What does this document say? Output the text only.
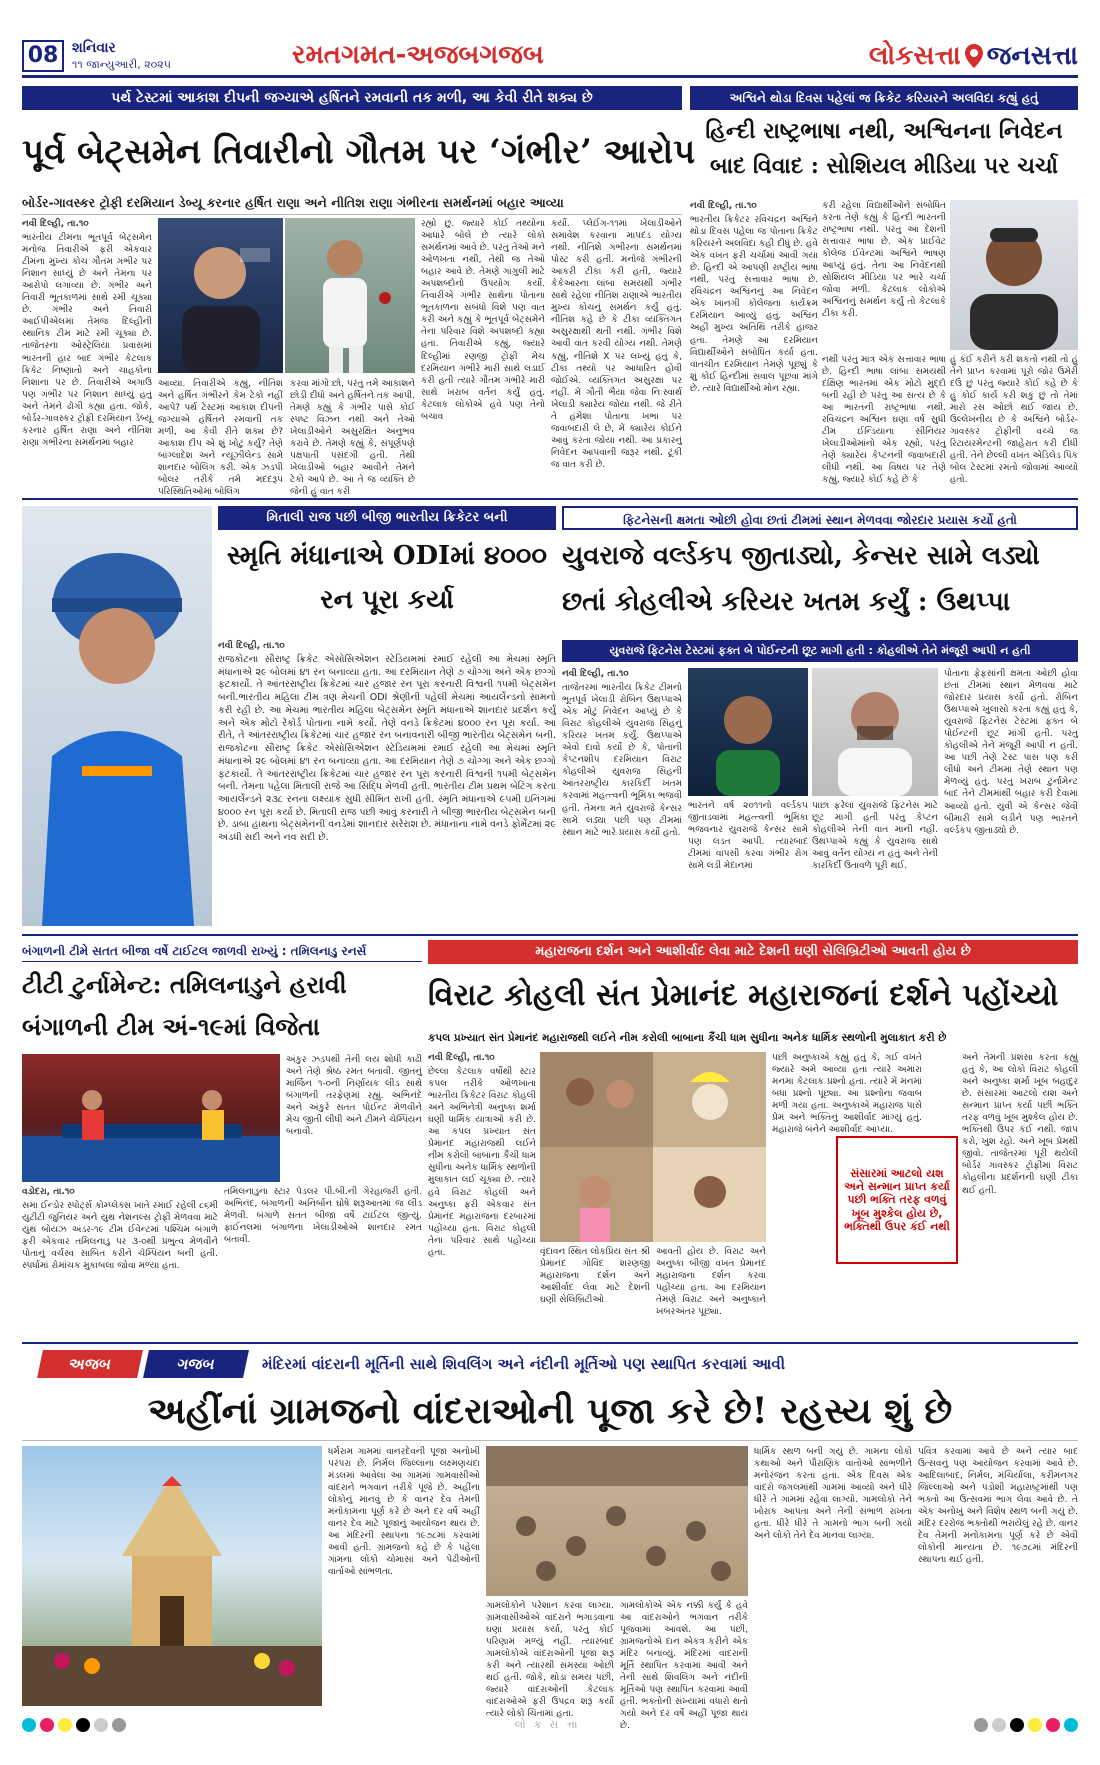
08 શનિવાર
૧૧ જાન્યુઆરી, ૨૦૨૫	રમતગમત-અજબગજબ	લોકસત્તા જનસત્તા
પર્થ ટેસ્ટમાં આકાશ દીપની જગ્યાએ હર્ષિતને રમવાની તક મળી, આ કેવી રીતે શક્ય છે
પૂર્વ બેટ્સમેન તિવારીનો ગૌતમ પર ‘ગંભીર’ આરોપ
બોર્ડર-ગાવસ્કર ટ્રોફી દરમિયાન ડેબ્યૂ કરનાર હર્ષિત રાણા અને નીતિશ રાણા ગંભીરના સમર્થનમાં બહાર આવ્યા
નવી દિલ્હી, તા.૧૦
ભારતીય ટીમના ભૂતપૂર્વ બેટ્સમેન મનોજ તિવારીએ ફરી એકવાર ટીમના મુખ્ય કોચ ગૌતમ ગંભીર પર નિશાન સાધ્યું છે અને તેમના પર આરોપો લગાવ્યા છે. ગંભીર અને તિવારી ભૂતકાળમાં સાથે રમી ચૂક્યા છે. ગંભીર અને તિવારી આઈપીએલમાં તેમજ દિલ્હીની સ્થાનિક ટીમ માટે રમી ચૂક્યા છે. તાજેતરના ઓસ્ટ્રેલિયા પ્રવાસમાં ભારતની હાર બાદ ગંભીર કેટલાક ક્રિકેટ નિષ્ણાતો અને ચાહકોના નિશાના પર છે. તિવારીએ અગાઉ પણ ગંભીર પર નિશાન સાધ્યું હતું અને તેમને ઢોંગી કહ્યા હતા. જોકે, બોર્ડર-ગાવસ્કર ટ્રોફી દરમિયાન ડેબ્યૂ કરનાર હર્ષિત રાણા અને નીતિશ રાણા ગંભીરના સમર્થનમાં બહાર
આવ્યા. તિવારીએ કહ્યું, નીતિશ અને હર્ષિત ગંભીરને કેમ ટેકો નહીં આપે? પર્થ ટેસ્ટમાં આકાશ દીપની જગ્યાએ હર્ષિતને રમવાની તક મળી, આ કેવી રીતે શક્ય છે? આકાશ દીપ એ શું ખોટું કર્યું? તેણે બાંગ્લાદેશ અને ન્યૂઝીલેન્ડ સામે શાનદાર બોલિંગ કરી. એક ઝડપી બોલર તરીકે તમે મદદરૂપ પરિસ્થિતિઓમાં બોલિંગ
કરવા માંગો છો, પરંતુ તમે આકાશને છોડી દીધો અને હર્ષિતને તક આપી. તેમણે કહ્યું કે ગંભીર પાસે કોઈ સ્પષ્ટ વિઝન નથી અને તેઓ ખેલાડીઓને અસુરક્ષિત અનુભવ કરાવે છે. તેમણે કહ્યું કે, સંપૂર્ણપણે પક્ષપાતી પસંદગી હતી. તેથી ખેલાડીઓ બહાર આવીને તેમને ટેકો આપે છે. આ તે જ વ્યક્તિ છે જેની હું વાત કરી
રહ્યો છું. જ્યારે કોઈ તથ્યોના આધારે બોલે છે ત્યારે લોકો સમર્થનમાં આવે છે. પરંતુ તેઓ મને ઓળખતા નથી, તેથી જ તેઓ બહાર આવે છે. તેમણે ગાંગુલી માટે અપશબ્દોનો ઉપયોગ કર્યો. તિવારીએ ગંભીર સાથેના પોતાના ભૂતકાળના સંબંધો વિશે પણ વાત કરી અને કહ્યું કે ભૂતપૂર્વ બેટ્સમેને તેના પરિવાર વિશે અપશબ્દો કહ્યા હતા. તિવારીએ કહ્યું, જ્યારે દિલ્હીમાં રણજી ટ્રોફી મેચ દરમિયાન ગંભીરે મારી સાથે લડાઈ કરી હતી ત્યારે ગૌતમ ગંભીરે મારી સાથે ખરાબ વર્તન કર્યું હતું. કેટલાક લોકોએ હવે પણ તેનો બચાવ
કર્યો. પ્લેઈંગ-૧૧માં ખેલાડીઓને સમાવેશ કરવાના માપદંડ યોગ્ય નથી. નીતિશે ગંભીરના સમર્થનમાં પોસ્ટ કરી હતી. મનોજે ગંભીરની આકરી ટીકા કરી હતી, જ્યારે કેકેઆરના લાંબા સમયથી ગંભીર સાથે રહેલા નીતિશ રાણાએ ભારતીય મુખ્ય કોચનું સમર્થન કર્યું હતું. નીતિશ કહે છે કે ટીકા વ્યક્તિગત અસુરક્ષાથી થતી નથી. ગંભીર વિશે આવી વાત કરવી યોગ્ય નથી. તેમણે કહ્યું, નીતિશે X પર લખ્યું હતું કે, ટીકા તથ્યો પર આધારિત હોવી જોઈએ. વ્યક્તિગત અસુરક્ષા પર નહીં. મેં ગૌતી ભૈયા જેવા નિઃસ્વાર્થ ખેલાડી ક્યારેય જોયા નથી. જે રીતે તે હંમેશા પોતાના ખભા પર જવાબદારી લે છે, મેં ક્યારેય કોઈને આવું કરતા જોયા નથી. આ પ્રકારનું નિવેદન આપવાની જરૂર નથી. ટૂંકી જ વાત કરી છે.
અશ્વિને થોડા દિવસ પહેલાં જ ક્રિકેટ કરિયરને અલવિદા કહ્યું હતું
હિન્દી રાષ્ટ્રભાષા નથી, અશ્વિનના નિવેદન બાદ વિવાદ : સોશિયલ મીડિયા પર ચર્ચા
નવી દિલ્હી, તા.૧૦
ભારતીય ક્રિકેટર રવિચંદ્રન અશ્વિને થોડા દિવસ પહેલા જ પોતાના ક્રિકેટ કરિયરને અલવિદા કહી દીધું છે. હવે એક વખત ફરી ચર્ચામાં આવી ગયા છે. હિન્દી એ આપણી રાષ્ટ્રીય ભાષા નથી, પરંતુ સત્તાવાર ભાષા છે. રવિચંદ્રન અશ્વિનનું આ નિવેદન એક ખાનગી કોલેજના કાર્યક્રમ દરમિયાન આવ્યું હતું. અશ્વિન અહીં મુખ્ય અતિથિ તરીકે હાજર હતા. તેમણે આ દરમિયાન વિદ્યાર્થીઓને સંબોધિત કર્યા હતા. વાતચીત દરમિયાન તેમણે પૂછ્યું કે શું કોઈ હિન્દીમાં સવાલ પૂછવા માંગે છે. ત્યારે વિદ્યાર્થીઓ મોન રહ્યા.
કરી રહેલા વિદ્યાર્થીઓને સંબોધિત કરતા તેણે કહ્યું કે હિન્દી ભારતની રાષ્ટ્રભાષા નથી. પરંતુ આ દેશની સત્તાવાર ભાષા છે. એક પ્રાઈવેટ કોલેજ ઈવેન્ટમાં અશ્વિને ભાષણ આપ્યું હતું. તેના આ નિવેદનથી સોશિયલ મીડિયા પર ભારે ચર્ચા જોવા મળી. કેટલાક લોકોએ અશ્વિનનું સમર્થન કર્યું તો કેટલાકે ટીકા કરી.
નથી પરંતુ માત્ર એક સત્તાવાર ભાષા છે. હિન્દી ભાષા લાંબા સમયથી દક્ષિણ ભારતમાં એક મોટો મુદ્દો બની રહી છે પરંતુ આ સત્ય છે કે આ ભારતની રાષ્ટ્રભાષા નથી. રવિચંદ્રન અશ્વિન ઘણા વર્ષ સુધી ટીમ ઈન્ડિયાના સીનિયર ખેલાડીઓમાંનો એક રહ્યો, પરંતુ તેણે ક્યારેય કેપ્ટનની જવાબદારી લીધી નથી. આ વિષય પર તેણે કહ્યું, જ્યારે કોઈ કહે છે કે
હું કંઈ કરીને કરી શકતો નથી તો હું તેને પ્રાપ્ત કરવામાં પૂરો જોર ઉમેરી દઉં છું પરંતુ જ્યારે કોઈ કહે છે કે હું કોઈ કાર્ય કરી શકું છું તો તેમાં મારો રસ ઓછો થઈ જાય છે. ઉલ્લેખનીય છે કે અશ્વિને બોર્ડર-ગાવસ્કર ટ્રોફીની વચ્ચે જ રિટાયરમેન્ટની જાહેરાત કરી દીધી હતી. તેને છેલ્લી વખત એડિલેડ પિંક બોલ ટેસ્ટમાં રમતો જોવામાં આવ્યો હતો.
મિતાલી રાજ પછી બીજી ભારતીય ક્રિકેટર બની
સ્મૃતિ મંધાનાએ ODIમાં ૪૦૦૦ રન પૂરા કર્યા
નવી દિલ્હી, તા.૧૦
રાજકોટના સૌરાષ્ટ્ર ક્રિકેટ એસોસિએશન સ્ટેડિયમમાં રમાઈ રહેલી આ મેચમાં સ્મૃતિ મંધાનાએ ૨૯ બોલમાં ૪૧ રન બનાવ્યા હતા. આ દરમિયાન તેણે ૭ ચોગ્ગા અને એક છગ્ગો ફટકાર્યો. તે આંતરરાષ્ટ્રીય ક્રિકેટમાં ચાર હજાર રન પૂરા કરનારી વિશ્વની ૧૫મી બેટ્સમેન બની.ભારતીય મહિલા ટીમ ત્રણ મેચની ODI શ્રેણીની પહેલી મેચમાં આયર્લેન્ડનો સામનો કરી રહી છે. આ મેચમાં ભારતીય મહિલા બેટ્સમેન સ્મૃતિ મંધાનાએ શાનદાર પ્રદર્શન કર્યું અને એક મોટો રેકોર્ડ પોતાના નામે કર્યો. તેણે વનડે ક્રિકેટમાં ૪૦૦૦ રન પૂરા કર્યા. આ રીતે, તે આંતરરાષ્ટ્રીય ક્રિકેટમાં ચાર હજાર રન બનાવનારી બીજી ભારતીય બેટ્સમેન બની. રાજકોટના સૌરાષ્ટ્ર ક્રિકેટ એસોસિએશન સ્ટેડિયમમાં રમાઈ રહેલી આ મેચમાં સ્મૃતિ મંધાનાએ ૨૯ બોલમાં ૪૧ રન બનાવ્યા હતા. આ દરમિયાન તેણે ૭ ચોગ્ગા અને એક છગ્ગો ફટકાર્યો. તે આંતરરાષ્ટ્રીય ક્રિકેટમાં ચાર હજાર રન પૂરા કરનારી વિશ્વની ૧૫મી બેટ્સમેન બની. તેમના પહેલા મિતાલી રાજે આ સિદ્ધિ મેળવી હતી. ભારતીય ટીમ પ્રથમ બેટિંગ કરતા આયર્લેન્ડને ૨૩૮ રનના લક્ષ્યાંક સુધી સીમિત રાખી હતી. સ્મૃતિ મંધાનાએ ૯૫મી ઇનિંગમાં ૪૦૦૦ રન પૂરા કર્યા છે. મિતાલી રાજ પછી આવું કરનારી તે બીજી ભારતીય બેટ્સમેન બની છે. ડાબા હાથના બેટ્સમેનની વનડેમાં શાનદાર સરેરાશ છે. મંધાનાના નામે વનડે ફોર્મેટમાં ૨૯ અડધી સદી અને નવ સદી છે.
ફિટનેસની ક્ષમતા ઓછી હોવા છતાં ટીમમાં સ્થાન મેળવવા જોરદાર પ્રયાસ કર્યો હતો
યુવરાજે વર્લ્ડકપ જીતાડ્યો, કેન્સર સામે લડ્યો છતાં કોહલીએ કરિયર ખતમ કર્યું : ઉથપ્પા
યુવરાજે ફિટનેસ ટેસ્ટમાં ફક્ત બે પોઈન્ટની છૂટ માગી હતી : કોહલીએ તેને મંજૂરી આપી ન હતી
નવી દિલ્હી, તા.૧૦
તાજેતરમાં ભારતીય ક્રિકેટ ટીમનો ભૂતપૂર્વ ખેલાડી રોબિન ઉથપ્પાએ એક મોટું નિવેદન આપ્યું છે કે વિરાટ કોહલીએ યુવરાજ સિંહનું કરિયર ખતમ કર્યું. ઉથપ્પાએ એવો દાવો કર્યો છે કે, પોતાની કેપ્ટનશીપ દરમિયાન વિરાટ કોહલીએ યુવરાજ સિંહની આંતરરાષ્ટ્રીય કારકિર્દી ખતમ કરવામાં મહત્ત્વની ભૂમિકા ભજવી હતી. તેમના મતે યુવરાજે કેન્સર સામે લડ્યા પછી પણ ટીમમાં સ્થાન માટે ભારે પ્રયાસ કર્યો હતો.
ભારતને વર્ષ ૨૦૧૧નો વર્લ્ડકપ જીતાડવામાં મહત્ત્વની ભૂમિકા ભજવનાર યુવરાજે કેન્સર સામે પણ લડત આપી. ત્યારબાદ ટીમમાં વાપસી કરવા ગંભીર રોગ સામે લડી મેદાનમાં
પાછા ફરેલા યુવરાજે ફિટનેસ માટે છૂટ માંગી હતી પરંતુ કેપ્ટન કોહલીએ તેની વાત માની નહીં. ઉથપ્પાએ કહ્યું કે યુવરાજ સાથે આવું વર્તન યોગ્ય ન હતું અને તેની કારકિર્દી ઉતાવળે પૂરી થઈ.
પોતાના ફેફસાંની ક્ષમતા ઓછી હોવા છતાં ટીમમાં સ્થાન મેળવવા માટે જોરદાર પ્રયાસ કર્યો હતો. રોબિન ઉથપ્પાએ ખુલાસો કરતા કહ્યું હતું કે, યુવરાજે ફિટનેસ ટેસ્ટમાં ફક્ત બે પોઈન્ટની છૂટ માંગી હતી. પરંતુ કોહલીએ તેને મંજૂરી આપી ન હતી. આ પછી તેણે ટેસ્ટ પાસ પણ કરી લીધો અને ટીમમાં તેણે સ્થાન પણ મેળવ્યું હતું. પરંતુ ખરાબ ટુર્નામેન્ટ બાદ તેને ટીમમાંથી બહાર કરી દેવામાં આવ્યો હતો. યુવી એ કેન્સર જેવી બીમારી સામે લડીને પણ ભારતને વર્લ્ડકપ જીતાડ્યો છે.
બંગાળની ટીમે સતત બીજા વર્ષે ટાઈટલ જાળવી રાખ્યું : તમિલનાડુ રનર્સ
ટીટી ટુર્નામેન્ટ: તમિલનાડુને હરાવી બંગાળની ટીમ અં-૧૯માં વિજેતા
અંકુર ઝડપથી તેની લય શોધી કાઢી અને તેણે શ્રેષ્ઠ રમત બતાવી. જીતનું માર્જિન ૧-૦ની નિર્ણાયક લીડ સાથે બંગાળની તરફેણમાં રહ્યું. અભિનંદે અને અંકુરે સતત પોઈન્ટ મેળવીને મેચ જીતી લીધી અને ટીમને ચેમ્પિયન બનાવી.
વડોદરા, તા.૧૦
સમા ઈન્ડોર સ્પોર્ટ્સ કોમ્પ્લેક્સ ખાતે રમાઈ રહેલી ૮૬મી યુટીટી જુનિયર અને યુથ નેશનલ્સ ટ્રોફી મેળવવા માટે યુથ બોયઝ અંડર-૧૯ ટીમ ઈવેન્ટમાં પશ્ચિમ બંગાળે ફરી એકવાર તમિલનાડુ પર ૩-૦થી પ્રભુત્વ મેળવીને પોતાનું વર્ચસ્વ સાબિત કરીને ચેમ્પિયન બની હતી. સ્પર્ધામાં રોમાંચક મુકાબલા જોવા મળ્યા હતા.
તમિલનાડુના સ્ટાર પેડલર પી.બી.ની ગેરહાજરી હતી. અભિનંદ, બંગાળની અનિર્બાન ઘોષે શરૂઆતમાં જ લીડ મેળવી. બંગાળે સતત બીજા વર્ષે ટાઈટલ જીત્યું. ફાઈનલમાં બંગાળના ખેલાડીઓએ શાનદાર રમત બતાવી.
મહારાજના દર્શન અને આશીર્વાદ લેવા માટે દેશની ઘણી સેલિબ્રિટીઓ આવતી હોય છે
વિરાટ કોહલી સંત પ્રેમાનંદ મહારાજનાં દર્શને પહોંચ્યો
કપલ પ્રખ્યાત સંત પ્રેમાનંદ મહારાજથી લઈને નીમ કરોલી બાબાના કૈંચી ધામ સુધીના અનેક ધાર્મિક સ્થળોની મુલાકાત કરી છે
નવી દિલ્હી, તા.૧૦
છેલ્લા કેટલાક વર્ષોથી સ્ટાર કપલ તરીકે ઓળખાતા ભારતીય ક્રિકેટર વિરાટ કોહલી અને અભિનેત્રી અનુષ્કા શર્મા ઘણી ધાર્મિક યાત્રાઓ કરી છે. આ કપલ પ્રખ્યાત સંત પ્રેમાનંદ મહારાજથી લઈને નીમ કરોલી બાબાના કૈંચી ધામ સુધીના અનેક ધાર્મિક સ્થળોની મુલાકાત લઈ ચૂક્યા છે. ત્યારે હવે વિરાટ કોહલી અને અનુષ્કા ફરી એકવાર સંત પ્રેમાનંદ મહારાજના દરબારમાં પહોંચ્યા હતા. વિરાટ કોહલી તેના પરિવાર સાથે પહોંચ્યા હતા.	વૃંદાવન સ્થિત લોકપ્રિય સંત શ્રી પ્રેમાનંદ ગોવિંદ શરણજી મહારાજના દર્શન અને આશીર્વાદ લેવા માટે દેશની ઘણી સેલિબ્રિટીઓ
આવતી હોય છે. વિરાટ અને અનુષ્કા બીજી વખત પ્રેમાનંદ મહારાજના દર્શન કરવા પહોંચ્યા હતા. આ દરમિયાન તેમણે વિરાટ અને અનુષ્કાને ખબરઅંતર પૂછ્યા.
પછી અનુષ્કાએ કહ્યું હતું કે, ગઈ વખતે જ્યારે અમે આવ્યા હતા ત્યારે અમારા મનમાં કેટલાક પ્રશ્નો હતા. ત્યારે મેં મનમાં બધા પ્રશ્નો પૂછ્યા. આ પ્રશ્નોના જવાબ મળી ગયા હતા. અનુષ્કાએ મહારાજ પાસે પ્રેમ અને ભક્તિનું આશીર્વાદ માંગ્યું હતું. મહારાજે બંનેને આશીર્વાદ આપ્યા.
સંસારમાં આટલો યશ અને સન્માન પ્રાપ્ત કર્યા પછી ભક્તિ તરફ વળવું ખૂબ મુશ્કેલ હોય છે, ભક્તિથી ઉપર કંઈ નથી
અને તેમની પ્રશંસા કરતા કહ્યું હતું કે, આ લોકો વિરાટ કોહલી અને અનુષ્કા શર્મા ખૂબ બહાદુર છે. સંસારમાં આટલો યશ અને સન્માન પ્રાપ્ત કર્યા પછી ભક્તિ તરફ વળવું ખૂબ મુશ્કેલ હોય છે. ભક્તિથી ઉપર કંઈ નથી. જાપ કરો, ખુશ રહો. અને ખૂબ પ્રેમથી જીવો. તાજેતરમાં પૂરી થયેલી બોર્ડર ગાવસ્કર ટ્રોફીમાં વિરાટ કોહલીના પ્રદર્શનની ઘણી ટીકા થઈ હતી.
અજબ	ગજબ	મંદિરમાં વાંદરાની મૂર્તિની સાથે શિવલિંગ અને નંદીની મૂર્તિઓ પણ સ્થાપિત કરવામાં આવી
અહીંનાં ગ્રામજનો વાંદરાઓની પૂજા કરે છે! રહસ્ય શું છે
ધર્મરામ ગામમાં વાનરદેવની પૂજા અનોખી પરંપરા છે. નિર્મલ જિલ્લાના લક્ષ્મણચંદા મંડલમાં આવેલા આ ગામમાં ગામવાસીઓ વાંદરાને ભગવાન તરીકે પૂજે છે. અહીંના લોકોનું માનવું છે કે વાનર દેવ તેમની મનોકામના પૂર્ણ કરે છે અને દર વર્ષે અહીં વાનર દેવ માટે પૂજાનું આયોજન થાય છે. આ મંદિરની સ્થાપના ૧૯૭૮માં કરવામાં આવી હતી. ગ્રામજનો કહે છે કે પહેલા ગામના લોકો ચોમાસાં અને પેઢીઓની વાર્તાઓ સાંભળતા.
ગામલોકોને પરેશાન કરવા લાગ્યા. ગ્રામવાસીઓએ વાંદરાને ભગાડવાના ઘણા પ્રયાસ કર્યા, પરંતુ કોઈ પરિણામ મળ્યું નહીં. ત્યારબાદ ગામલોકોએ વાંદરાઓની પૂજા શરૂ કરી અને ત્યારથી સમસ્યા ઓછી થઈ હતી. જોકે, થોડા સમય પછી, જ્યારે વાંદરાઓની કેટલાક વાંદરાઓએ ફરી ઉપદ્રવ શરૂ કર્યો ત્યારે લોકો ચિંતામાં હતા.
ગામલોકોએ એક નક્કી કર્યું કે હવે આ વાંદરાઓને ભગવાન તરીકે પૂજવામાં આવશે. આ પછી, ગ્રામજનોએ દાન એકત્ર કરીને એક મંદિર બનાવ્યું. મંદિરમાં વાંદરાની મૂર્તિ સ્થાપિત કરવામાં આવી અને તેની સાથે શિવલિંગ અને નંદીની મૂર્તિઓ પણ સ્થાપિત કરવામાં આવી હતી. ભક્તોની સંખ્યામાં વધારો થતો ગયો અને દર વર્ષે અહીં પૂજા થાય છે.
ધાર્મિક સ્થળ બની ગયું છે. ગામના લોકો કથાઓ અને પૌરાણિક વાતોઓ સાંભળીને મનોરંજન કરતા હતા. એક દિવસ એક વાંદરો જંગલમાંથી ગામમાં આવ્યો અને ધીરે ધીરે તે ગામમાં રહેવા લાગ્યો. ગામલોકો તેને ખોરાક આપતા અને તેની સંભાળ રાખતા હતા. ધીરે ધીરે તે ગામનો ભાગ બની ગયો અને લોકો તેને દેવ માનવા લાગ્યા.
પવિત્ર કરવામાં આવે છે અને ત્યાર બાદ ઉત્સવનું પણ આયોજન કરવામાં આવે છે. આદિલાબાદ, નિર્મલ, મંચિર્યાલા, કરીમનગર જિલ્લાઓ અને પડોશી મહારાષ્ટ્રમાંથી પણ ભક્તો આ ઉત્સવમાં ભાગ લેવા આવે છે. તે એક અનોખું અને વિશેષ સ્થળ બની ગયું છે. મંદિર દરરોજ ભક્તોથી ભરાયેલું રહે છે. વાનર દેવ તેમની મનોકામના પૂર્ણ કરે છે એવી લોકોની માન્યતા છે. ૧૯૭૮માં મંદિરની સ્થાપના થઈ હતી.
લોકસત્તા
